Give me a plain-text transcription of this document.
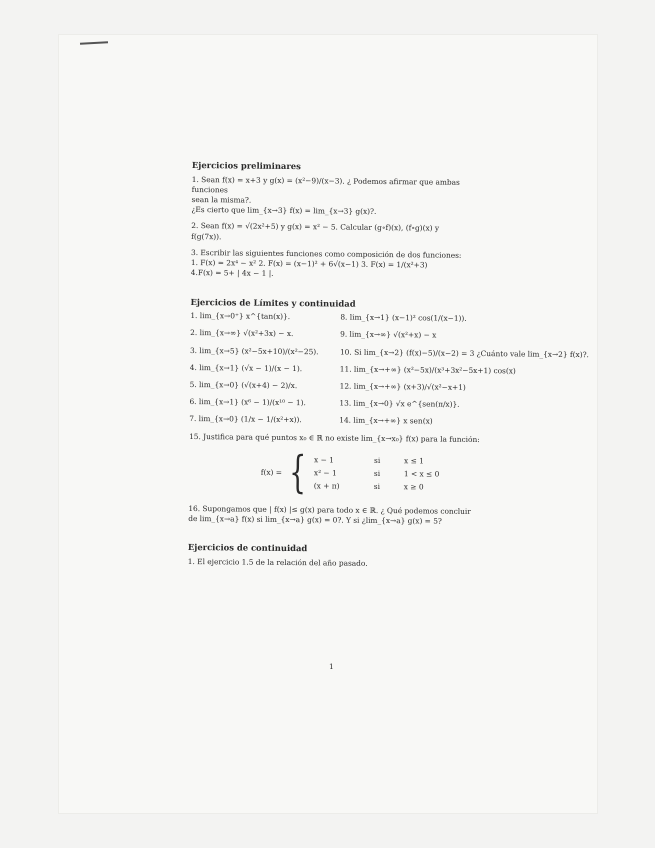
Ejercicios preliminares
1. Sean f(x) = x+3 y g(x) = (x²−9)/(x−3). ¿ Podemos afirmar que ambas funciones
sean la misma?.
¿Es cierto que lim_{x→3} f(x) = lim_{x→3} g(x)?.
2. Sean f(x) = √(2x²+5) y g(x) = x² − 5. Calcular (g∘f)(x), (f∘g)(x) y
f(g(7x)).
3. Escribir las siguientes funciones como composición de dos funciones:
1. F(x) = 2x⁴ − x² 2. F(x) = (x−1)² + 6√(x−1) 3. F(x) = 1/(x²+3)
4.F(x) = 5+ | 4x − 1 |.
Ejercicios de Límites y continuidad
1. lim_{x→0⁺} x^{tan(x)}.	8. lim_{x→1} (x−1)² cos(1/(x−1)).
2. lim_{x→∞} √(x²+3x) − x.	9. lim_{x→∞} √(x²+x) − x
3. lim_{x→5} (x²−5x+10)/(x²−25).	10. Si lim_{x→2} (f(x)−5)/(x−2) = 3 ¿Cuánto vale lim_{x→2} f(x)?.
4. lim_{x→1} (√x − 1)/(x − 1).	11. lim_{x→+∞} (x²−5x)/(x³+3x²−5x+1) cos(x)
5. lim_{x→0} (√(x+4) − 2)/x.	12. lim_{x→+∞} (x+3)/√(x²−x+1)
6. lim_{x→1} (x⁶ − 1)/(x¹⁰ − 1).	13. lim_{x→0} √x e^{sen(π/x)}.
7. lim_{x→0} (1/x − 1/(x²+x)).	14. lim_{x→+∞} x sen(x)
15. Justifica para qué puntos x₀ ∈ ℝ no existe lim_{x→x₀} f(x) para la función:
f(x) = { x − 1	si	x ≤ 1
x² − 1	si	1 < x ≤ 0
(x + π)	si	x ≥ 0
16. Supongamos que | f(x) |≤ g(x) para todo x ∈ ℝ. ¿ Qué podemos concluir
de lim_{x→a} f(x) si lim_{x→a} g(x) = 0?. Y si ¿lim_{x→a} g(x) = 5?
Ejercicios de continuidad
1. El ejercicio 1.5 de la relación del año pasado.
1
